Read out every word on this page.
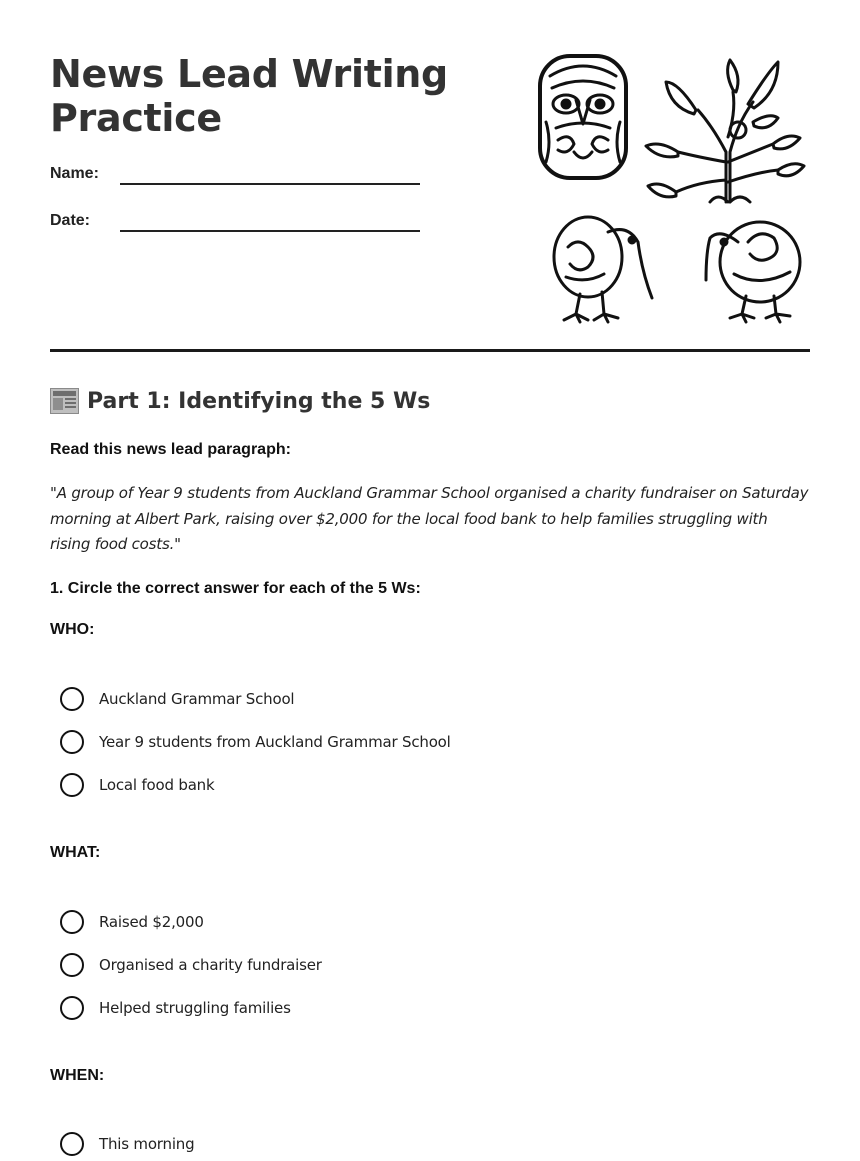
News Lead Writing Practice
Name:
Date:
Part 1: Identifying the 5 Ws

Read this news lead paragraph:

"A group of Year 9 students from Auckland Grammar School organised a charity fundraiser on Saturday morning at Albert Park, raising over $2,000 for the local food bank to help families struggling with rising food costs."

1. Circle the correct answer for each of the 5 Ws:

WHO:

Auckland Grammar School
Year 9 students from Auckland Grammar School
Local food bank

WHAT:

Raised $2,000
Organised a charity fundraiser
Helped struggling families

WHEN:

This morning
